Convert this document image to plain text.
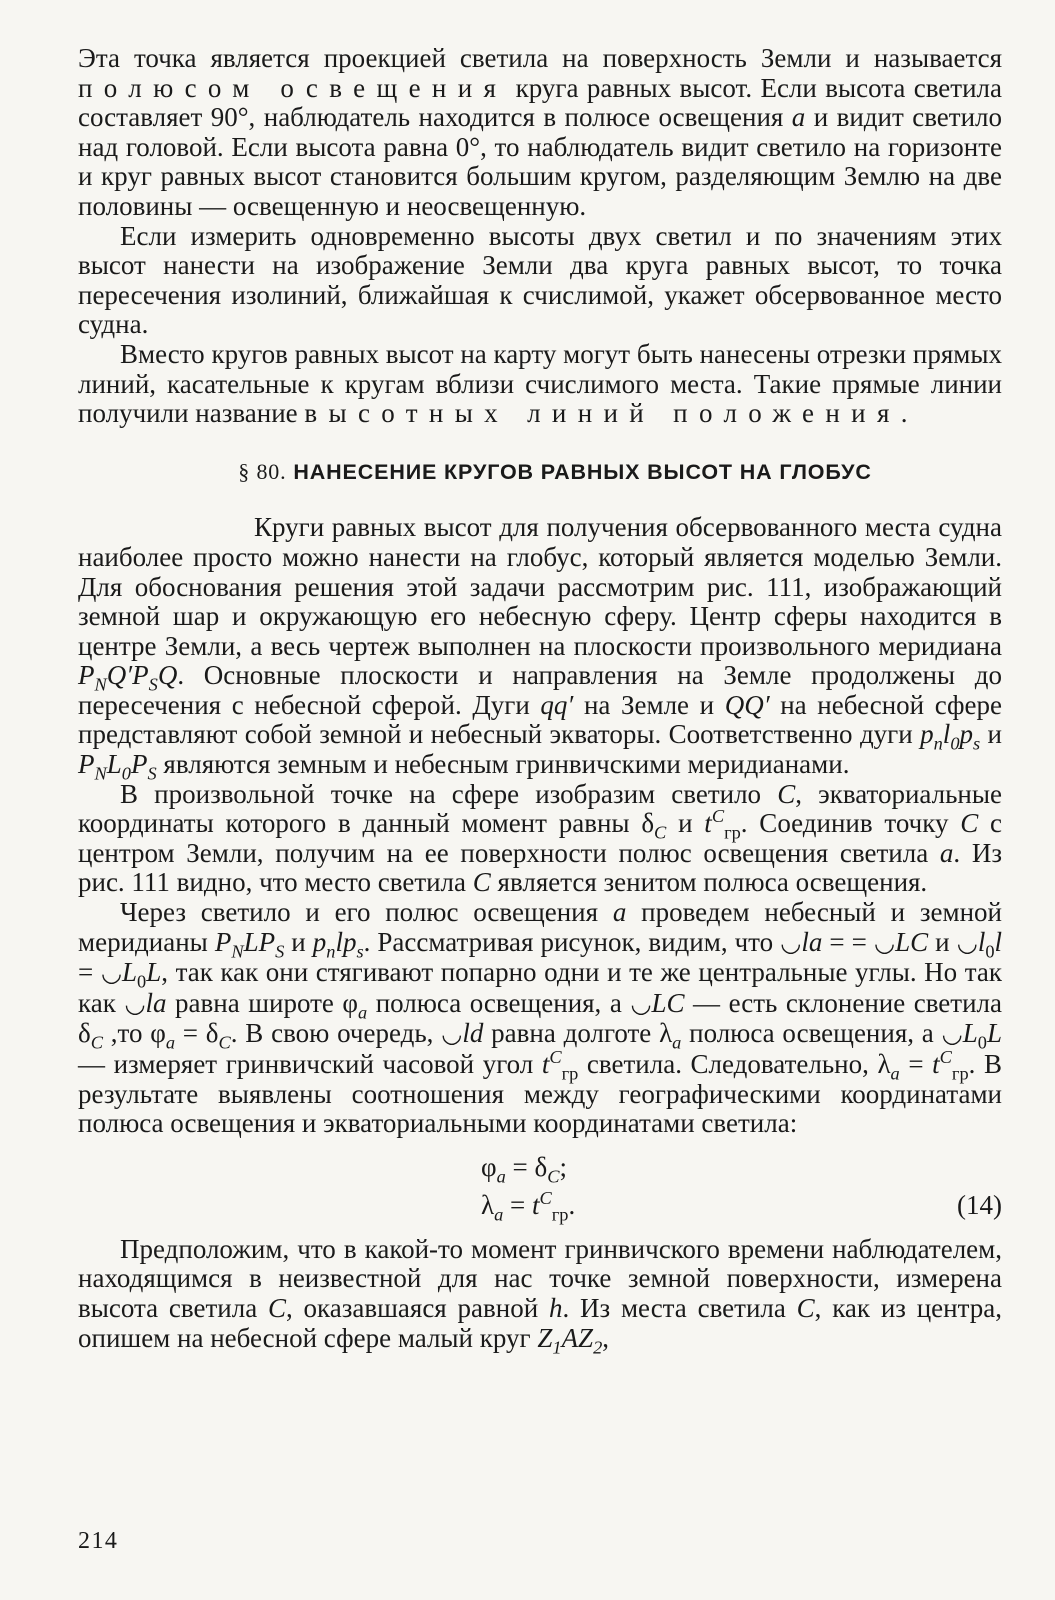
Эта точка является проекцией светила на поверхность Земли и называется полюсом освещения круга равных высот. Если высота светила составляет 90°, наблюдатель находится в полюсе освещения a и видит светило над головой. Если высота равна 0°, то наблюдатель видит светило на горизонте и круг равных высот становится большим кругом, разделяющим Землю на две половины — освещенную и неосвещенную.

Если измерить одновременно высоты двух светил и по значениям этих высот нанести на изображение Земли два круга равных высот, то точка пересечения изолиний, ближайшая к счислимой, укажет обсервованное место судна.

Вместо кругов равных высот на карту могут быть нанесены отрезки прямых линий, касательные к кругам вблизи счислимого места. Такие прямые линии получили название высотных линий положения.

§ 80. НАНЕСЕНИЕ КРУГОВ РАВНЫХ ВЫСОТ НА ГЛОБУС

Круги равных высот для получения обсервованного места судна наиболее просто можно нанести на глобус, который является моделью Земли. Для обоснования решения этой задачи рассмотрим рис. 111, изображающий земной шар и окружающую его небесную сферу. Центр сферы находится в центре Земли, а весь чертеж выполнен на плоскости произвольного меридиана $P_NQ'P_SQ$. Основные плоскости и направления на Земле продолжены до пересечения с небесной сферой. Дуги qq′ на Земле и QQ′ на небесной сфере представляют собой земной и небесный экваторы. Соответственно дуги $p_nl_0p_s$ и $P_NL_0P_S$ являются земным и небесным гринвичскими меридианами.

В произвольной точке на сфере изобразим светило C, экваториальные координаты которого в данный момент равны $\delta_C$ и $t^C_{гр}$. Соединив точку C с центром Земли, получим на ее поверхности полюс освещения светила a. Из рис. 111 видно, что место светила C является зенитом полюса освещения.

Через светило и его полюс освещения a проведем небесный и земной меридианы $P_NLP_S$ и $p_nlp_s$. Рассматривая рисунок, видим, что ◡la = = ◡LC и $◡l_0l$ = $◡L_0L$, так как они стягивают попарно одни и те же центральные углы. Но так как ◡la равна широте $\varphi_a$ полюса освещения, а ◡LC — есть склонение светила $\delta_C$ ,то $\varphi_a = \delta_C$. В свою очередь, ◡ld равна долготе $\lambda_a$ полюса освещения, а $◡L_0L$ — измеряет гринвичский часовой угол $t^C_{гр}$ светила. Следовательно, $\lambda_a = t^C_{гр}$. В результате выявлены соотношения между географическими координатами полюса освещения и экваториальными координатами светила:

$\varphi_a = \delta_C$;
$\lambda_a = t^C_{гр}$.	(14)

Предположим, что в какой-то момент гринвичского времени наблюдателем, находящимся в неизвестной для нас точке земной поверхности, измерена высота светила C, оказавшаяся равной h. Из места светила C, как из центра, опишем на небесной сфере малый круг $Z_1AZ_2$,

214
